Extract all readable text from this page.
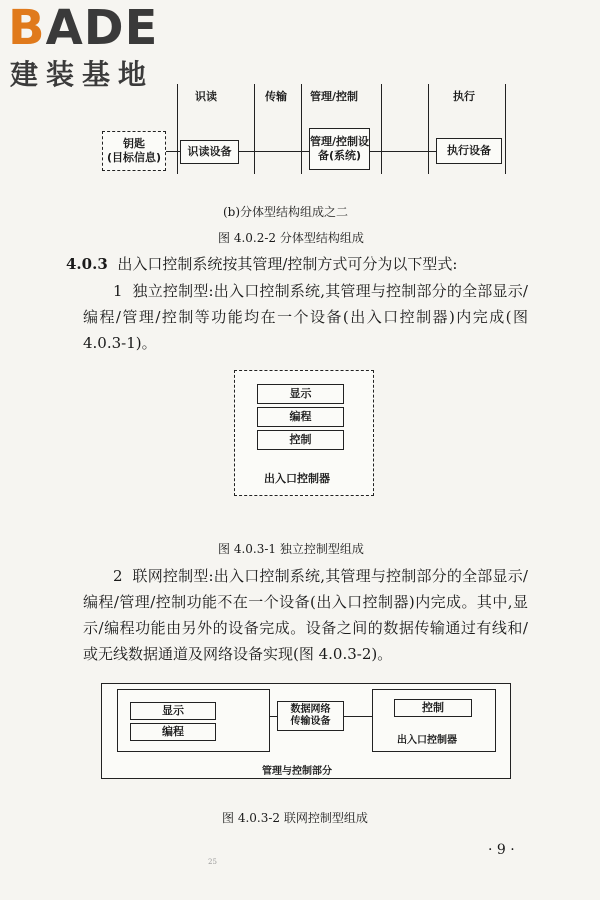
BADE
建装基地
识读	传输 管理/控制	执行
钥匙
(目标信息)	识读设备
管理/控制设
备(系统)	执行设备
(b)分体型结构组成之二
图 4.0.2-2 分体型结构组成
4.0.3 出入口控制系统按其管理/控制方式可分为以下型式:
1 独立控制型:出入口控制系统,其管理与控制部分的全部显示/编程/管理/控制等功能均在一个设备(出入口控制器)内完成(图 4.0.3-1)。
显示
编程
控制
出入口控制器
图 4.0.3-1 独立控制型组成
2 联网控制型:出入口控制系统,其管理与控制部分的全部显示/编程/管理/控制功能不在一个设备(出入口控制器)内完成。其中,显示/编程功能由另外的设备完成。设备之间的数据传输通过有线和/或无线数据通道及网络设备实现(图 4.0.3-2)。
显示
编程
数据网络
传输设备
控制
出入口控制器
管理与控制部分
图 4.0.3-2 联网控制型组成
· 9 ·
25
